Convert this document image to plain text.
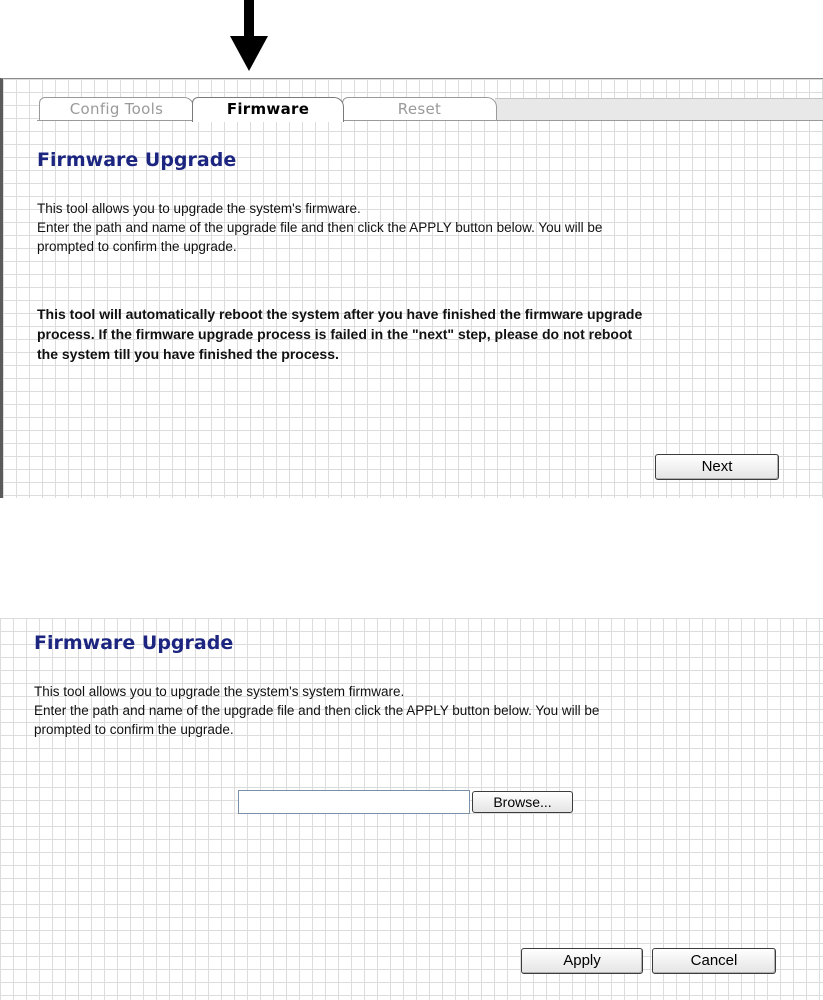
Config Tools	Firmware	Reset
Firmware Upgrade
This tool allows you to upgrade the system's firmware.
Enter the path and name of the upgrade file and then click the APPLY button below. You will be
prompted to confirm the upgrade.
This tool will automatically reboot the system after you have finished the firmware upgrade
process. If the firmware upgrade process is failed in the "next" step, please do not reboot
the system till you have finished the process.
Next
Firmware Upgrade
This tool allows you to upgrade the system's system firmware.
Enter the path and name of the upgrade file and then click the APPLY button below. You will be
prompted to confirm the upgrade.
Browse...
Apply	Cancel
